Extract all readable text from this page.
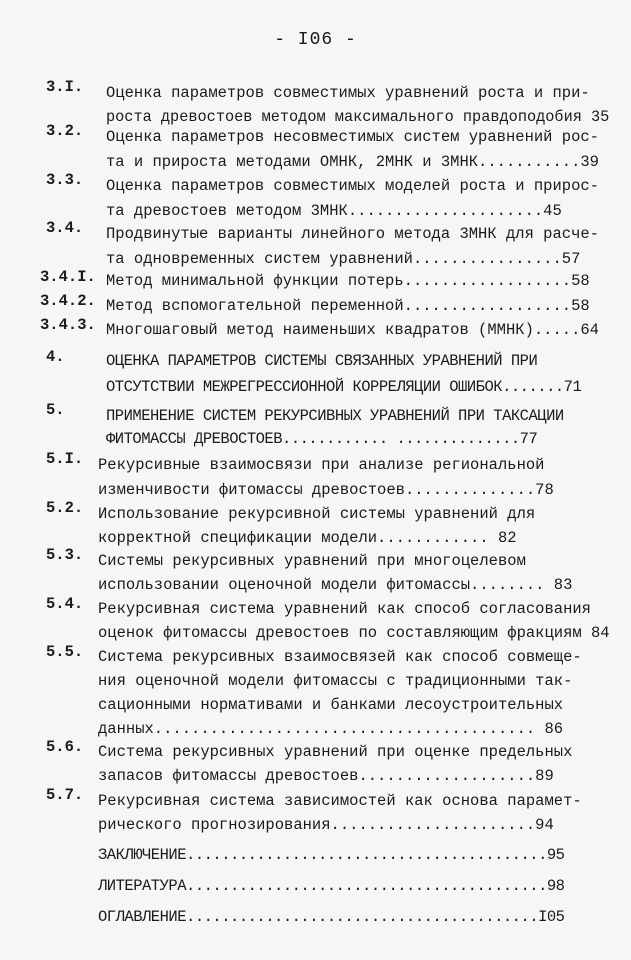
- I06 -
3.I. Оценка параметров совместимых уравнений роста и при-
роста древостоев методом максимального правдоподобия 35
3.2. Оценка параметров несовместимых систем уравнений рос-
та и прироста методами ОМНК, 2МНК и 3МНК...........39
3.3. Оценка параметров совместимых моделей роста и прирос-
та древостоев методом 3МНК.....................45
3.4. Продвинутые варианты линейного метода 3МНК для расче-
та одновременных систем уравнений................57
3.4.I. Метод минимальной функции потерь..................58
3.4.2. Метод вспомогательной переменной..................58
3.4.3. Многошаговый метод наименьших квадратов (ММНК).....64
4.	ОЦЕНКА ПАРАМЕТРОВ СИСТЕМЫ СВЯЗАННЫХ УРАВНЕНИЙ ПРИ
ОТСУТСТВИИ МЕЖРЕГРЕССИОННОЙ КОРРЕЛЯЦИИ ОШИБОК.......71
5.	ПРИМЕНЕНИЕ СИСТЕМ РЕКУРСИВНЫХ УРАВНЕНИЙ ПРИ ТАКСАЦИИ
ФИТОМАССЫ ДРЕВОСТОЕВ............ ..............77
5.I. Рекурсивные взаимосвязи при анализе региональной
изменчивости фитомассы древостоев..............78
5.2. Использование рекурсивной системы уравнений для
корректной спецификации модели............ 82
5.3. Системы рекурсивных уравнений при многоцелевом
использовании оценочной модели фитомассы........ 83
5.4. Рекурсивная система уравнений как способ согласования
оценок фитомассы древостоев по составляющим фракциям 84
5.5. Система рекурсивных взаимосвязей как способ совмеще-
ния оценочной модели фитомассы с традиционными так-
сационными нормативами и банками лесоустроительных
данных......................................... 86
5.6. Система рекурсивных уравнений при оценке предельных
запасов фитомассы древостоев...................89
5.7. Рекурсивная система зависимостей как основа парамет-
рического прогнозирования......................94
ЗАКЛЮЧЕНИЕ.........................................95
ЛИТЕРАТУРА.........................................98
ОГЛАВЛЕНИЕ........................................I05
